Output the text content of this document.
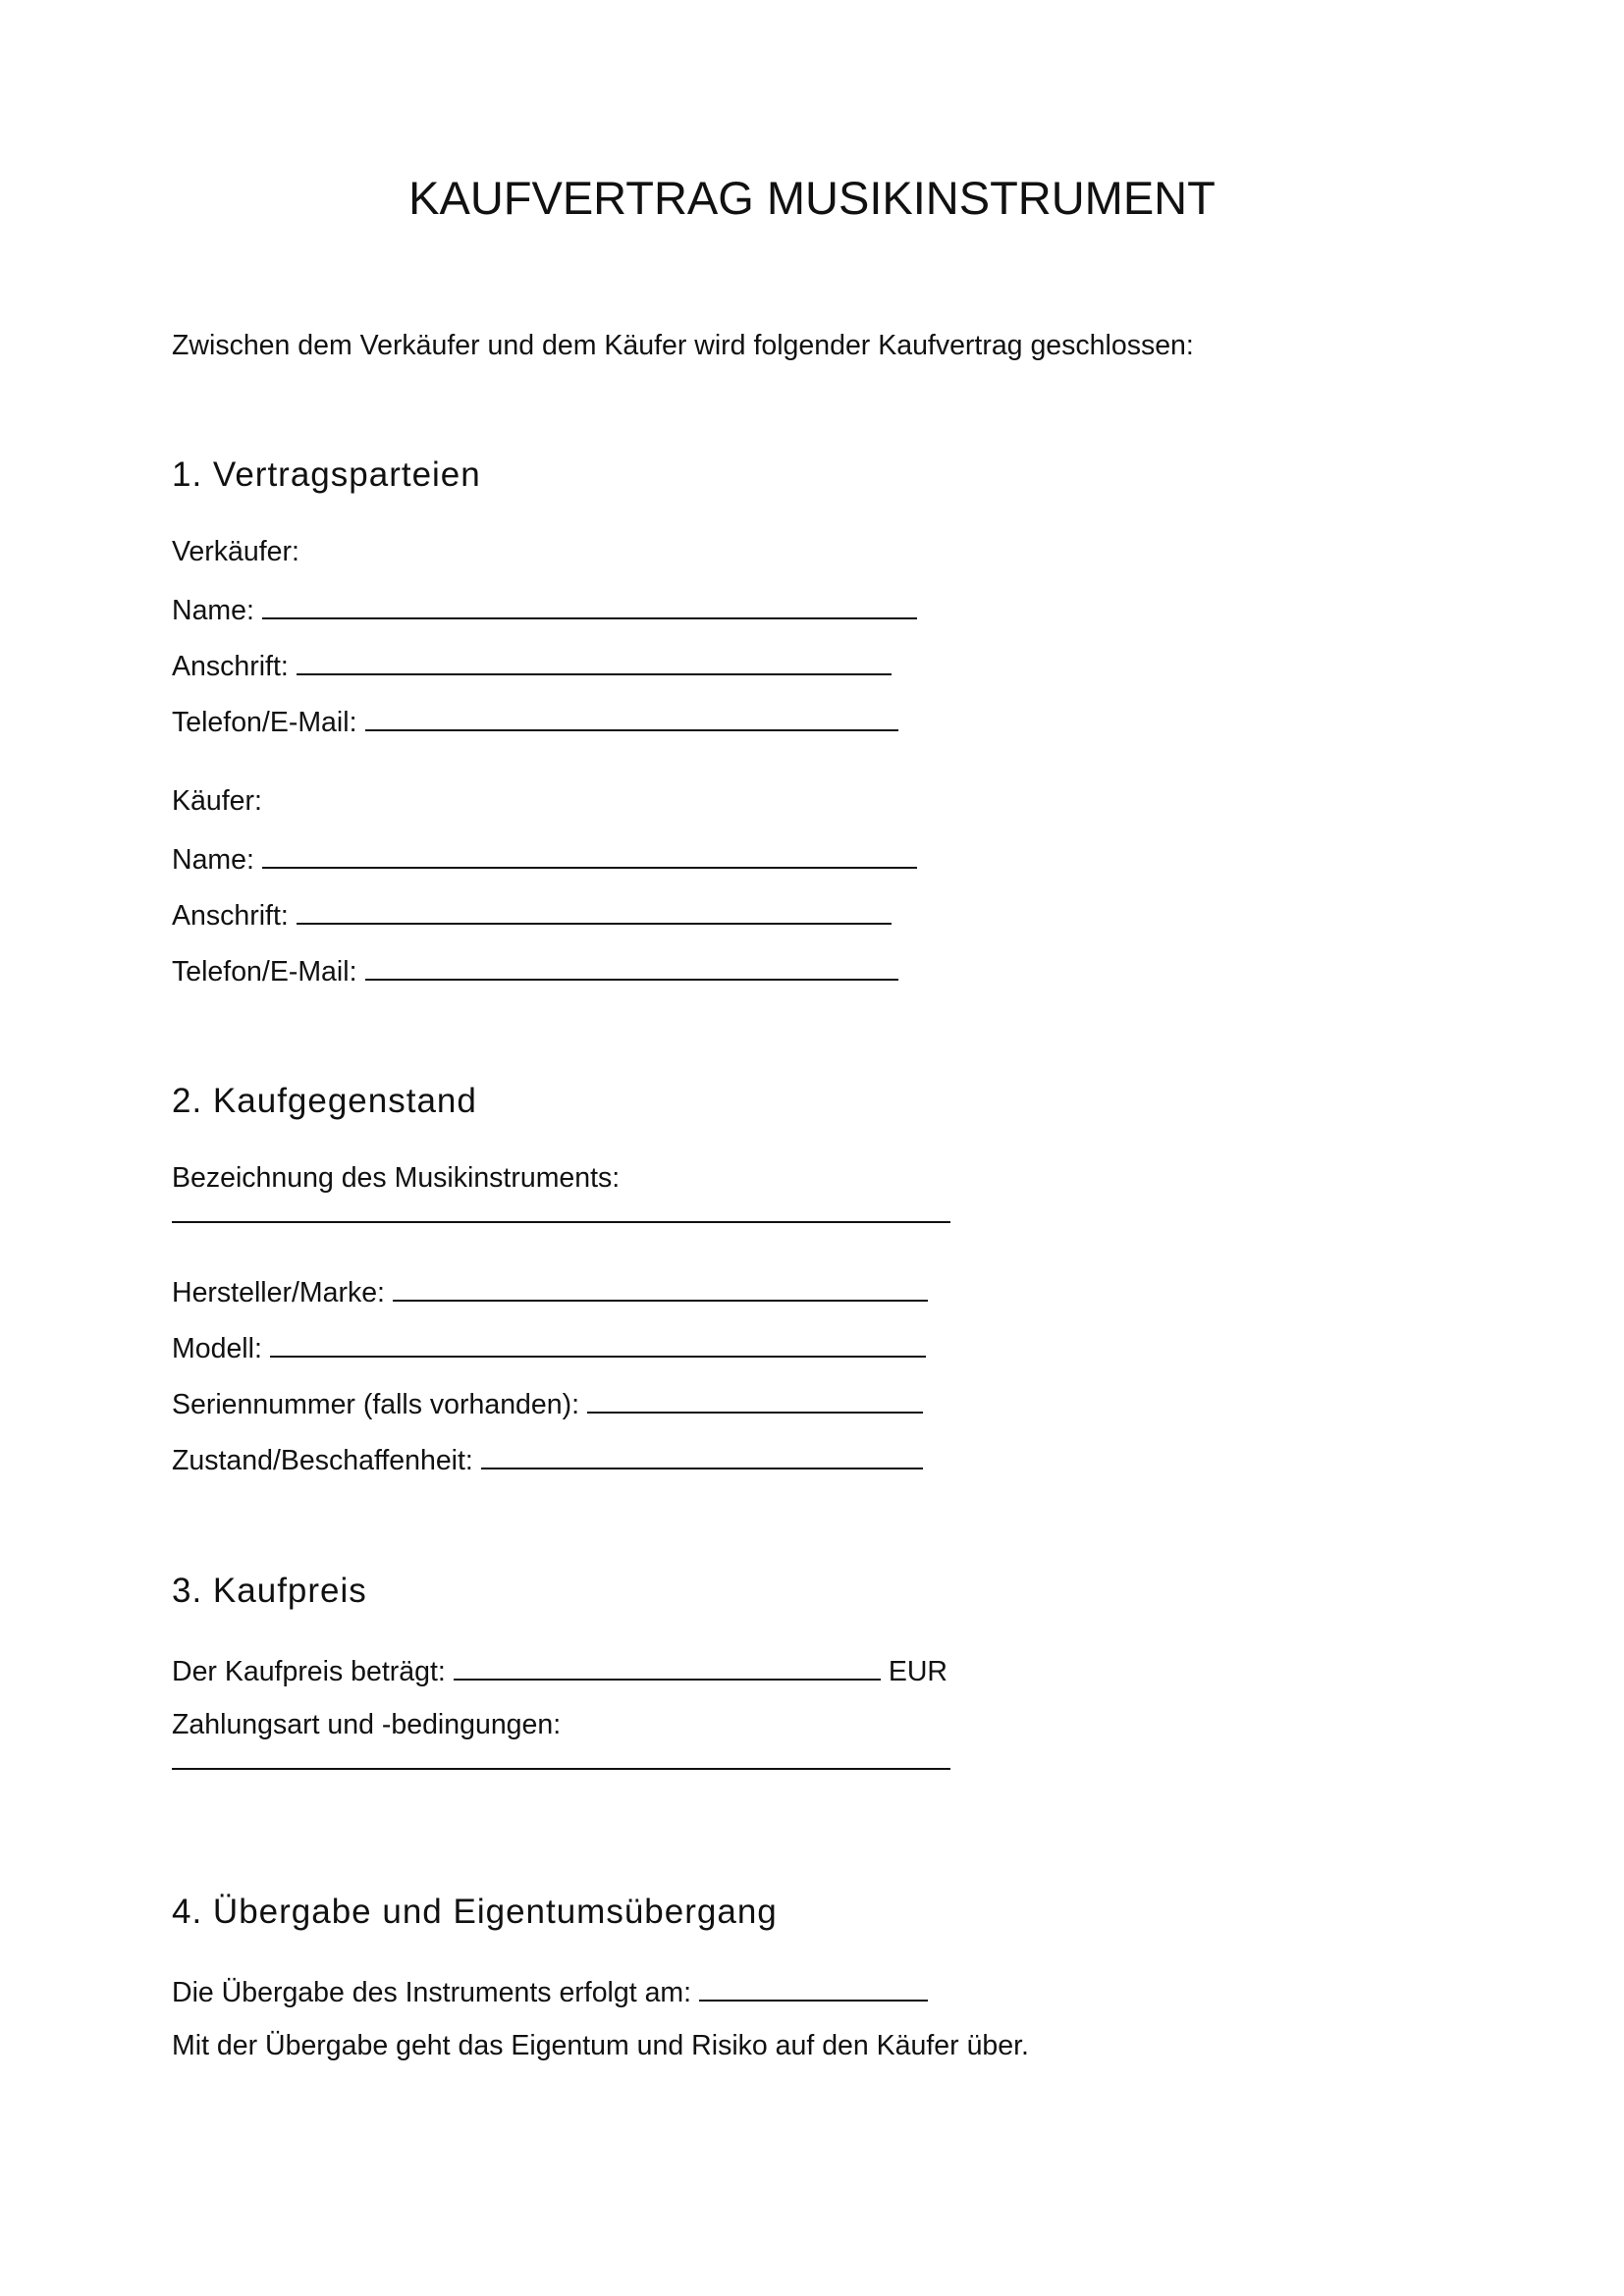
KAUFVERTRAG MUSIKINSTRUMENT
Zwischen dem Verkäufer und dem Käufer wird folgender Kaufvertrag geschlossen:
1. Vertragsparteien
Verkäufer:
Name:
Anschrift:
Telefon/E-Mail:
Käufer:
Name:
Anschrift:
Telefon/E-Mail:
2. Kaufgegenstand
Bezeichnung des Musikinstruments:
Hersteller/Marke:
Modell:
Seriennummer (falls vorhanden):
Zustand/Beschaffenheit:
3. Kaufpreis
Der Kaufpreis beträgt:	EUR
Zahlungsart und -bedingungen:
4. Übergabe und Eigentumsübergang
Die Übergabe des Instruments erfolgt am:
Mit der Übergabe geht das Eigentum und Risiko auf den Käufer über.
